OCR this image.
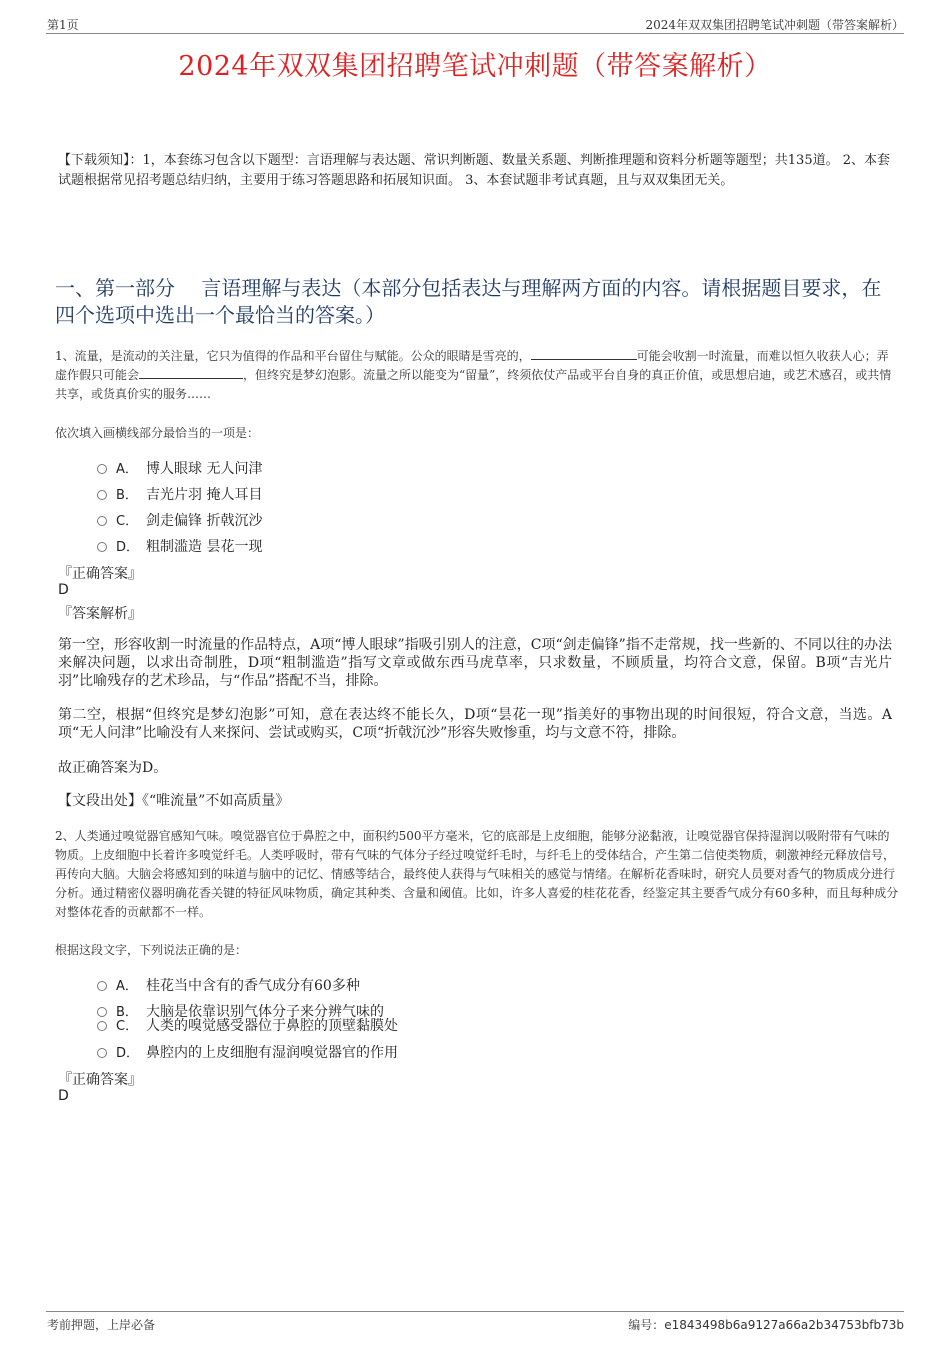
第1页	2024年双双集团招聘笔试冲刺题（带答案解析）
2024年双双集团招聘笔试冲刺题（带答案解析）
【下载须知】：1，本套练习包含以下题型：言语理解与表达题、常识判断题、数量关系题、判断推理题和资料分析题等题型；共135道。 2、本套试题根据常见招考题总结归纳，主要用于练习答题思路和拓展知识面。 3、本套试题非考试真题，且与双双集团无关。
一、第一部分　 言语理解与表达（本部分包括表达与理解两方面的内容。请根据题目要求，在四个选项中选出一个最恰当的答案。）
1、流量，是流动的关注量，它只为值得的作品和平台留住与赋能。公众的眼睛是雪亮的，	可能会收割一时流量，而难以恒久收获人心；弄虚作假只可能会	，但终究是梦幻泡影。流量之所以能变为“留量”，终须依仗产品或平台自身的真正价值，或思想启迪，或艺术感召，或共情共享，或货真价实的服务……
依次填入画横线部分最恰当的一项是：
A． 博人眼球 无人问津
B． 吉光片羽 掩人耳目
C． 剑走偏锋 折戟沉沙
D． 粗制滥造 昙花一现
『正确答案』
D
『答案解析』
第一空，形容收割一时流量的作品特点，A项“博人眼球”指吸引别人的注意，C项“剑走偏锋”指不走常规，找一些新的、不同以往的办法来解决问题，以求出奇制胜，D项“粗制滥造”指写文章或做东西马虎草率，只求数量，不顾质量，均符合文意，保留。B项“吉光片羽”比喻残存的艺术珍品，与“作品”搭配不当，排除。
第二空，根据“但终究是梦幻泡影”可知，意在表达终不能长久，D项“昙花一现”指美好的事物出现的时间很短，符合文意，当选。A项“无人问津”比喻没有人来探问、尝试或购买，C项“折戟沉沙”形容失败惨重，均与文意不符，排除。
故正确答案为D。
【文段出处】《“唯流量”不如高质量》
2、人类通过嗅觉器官感知气味。嗅觉器官位于鼻腔之中，面积约500平方毫米，它的底部是上皮细胞，能够分泌黏液，让嗅觉器官保持湿润以吸附带有气味的物质。上皮细胞中长着许多嗅觉纤毛。人类呼吸时，带有气味的气体分子经过嗅觉纤毛时，与纤毛上的受体结合，产生第二信使类物质，刺激神经元释放信号，再传向大脑。大脑会将感知到的味道与脑中的记忆、情感等结合，最终使人获得与气味相关的感觉与情绪。在解析花香味时，研究人员要对香气的物质成分进行分析。通过精密仪器明确花香关键的特征风味物质，确定其种类、含量和阈值。比如，许多人喜爱的桂花花香，经鉴定其主要香气成分有60多种，而且每种成分对整体花香的贡献都不一样。
根据这段文字，下列说法正确的是：
A． 桂花当中含有的香气成分有60多种
B． 大脑是依靠识别气体分子来分辨气味的
C． 人类的嗅觉感受器位于鼻腔的顶壁黏膜处
D． 鼻腔内的上皮细胞有湿润嗅觉器官的作用
『正确答案』
D
考前押题，上岸必备	编号：e1843498b6a9127a66a2b34753bfb73b
